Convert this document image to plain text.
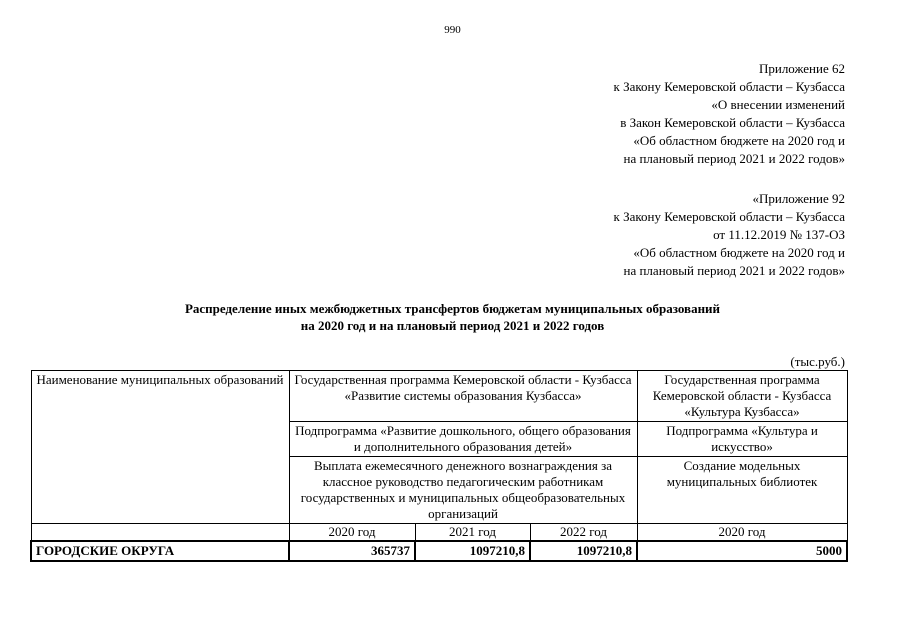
990
Приложение 62
к Закону Кемеровской области – Кузбасса
«О внесении изменений
в Закон Кемеровской области – Кузбасса
«Об областном бюджете на 2020 год и
на плановый период 2021 и 2022 годов»
«Приложение 92
к Закону Кемеровской области – Кузбасса
от 11.12.2019 № 137-ОЗ
«Об областном бюджете на 2020 год и
на плановый период 2021 и 2022 годов»
Распределение иных межбюджетных трансфертов бюджетам муниципальных образований
на 2020 год и на плановый период 2021 и 2022 годов
(тыс.руб.)
Наименование муниципальных образований	Государственная программа Кемеровской области - Кузбасса «Развитие системы образования Кузбасса»			Государственная программа Кемеровской области - Кузбасса «Культура Кузбасса»
	Подпрограмма «Развитие дошкольного, общего образования и дополнительного образования детей»			Подпрограмма «Культура и искусство»
	Выплата ежемесячного денежного вознаграждения за классное руководство педагогическим работникам государственных и муниципальных общеобразовательных организаций			Создание модельных муниципальных библиотек
	2020 год	2021 год	2022 год	2020 год
ГОРОДСКИЕ ОКРУГА	365737	1097210,8	1097210,8	5000
